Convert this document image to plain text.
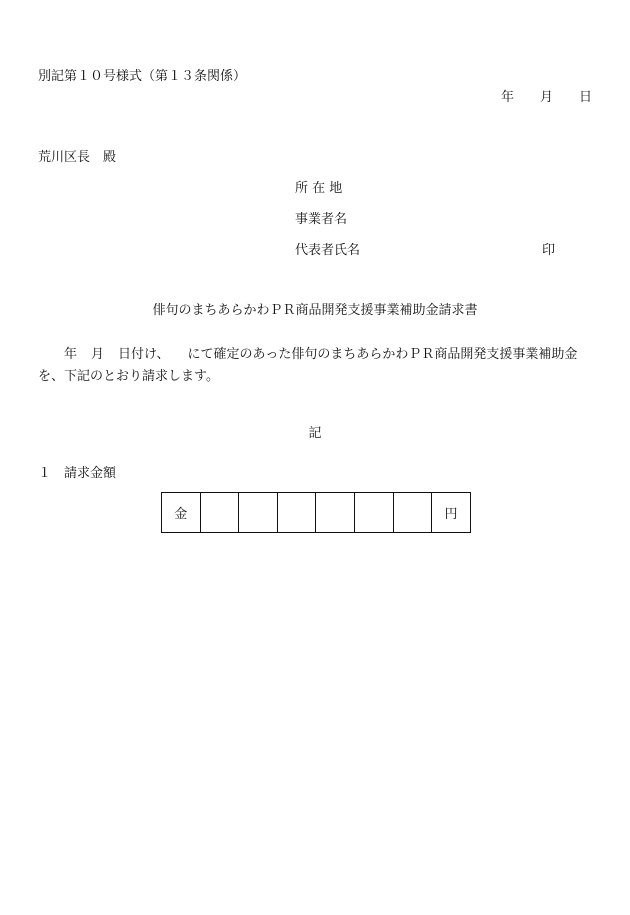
別記第１０号様式（第１３条関係）
年 月 日
荒川区長　殿
所 在 地
事業者名
代表者氏名	印
俳句のまちあらかわＰＲ商品開発支援事業補助金請求書
年 月 日付け、 にて確定のあった俳句のまちあらかわＰＲ商品開発支援事業補助金を、下記のとおり請求します。
記
１　請求金額
金							円
